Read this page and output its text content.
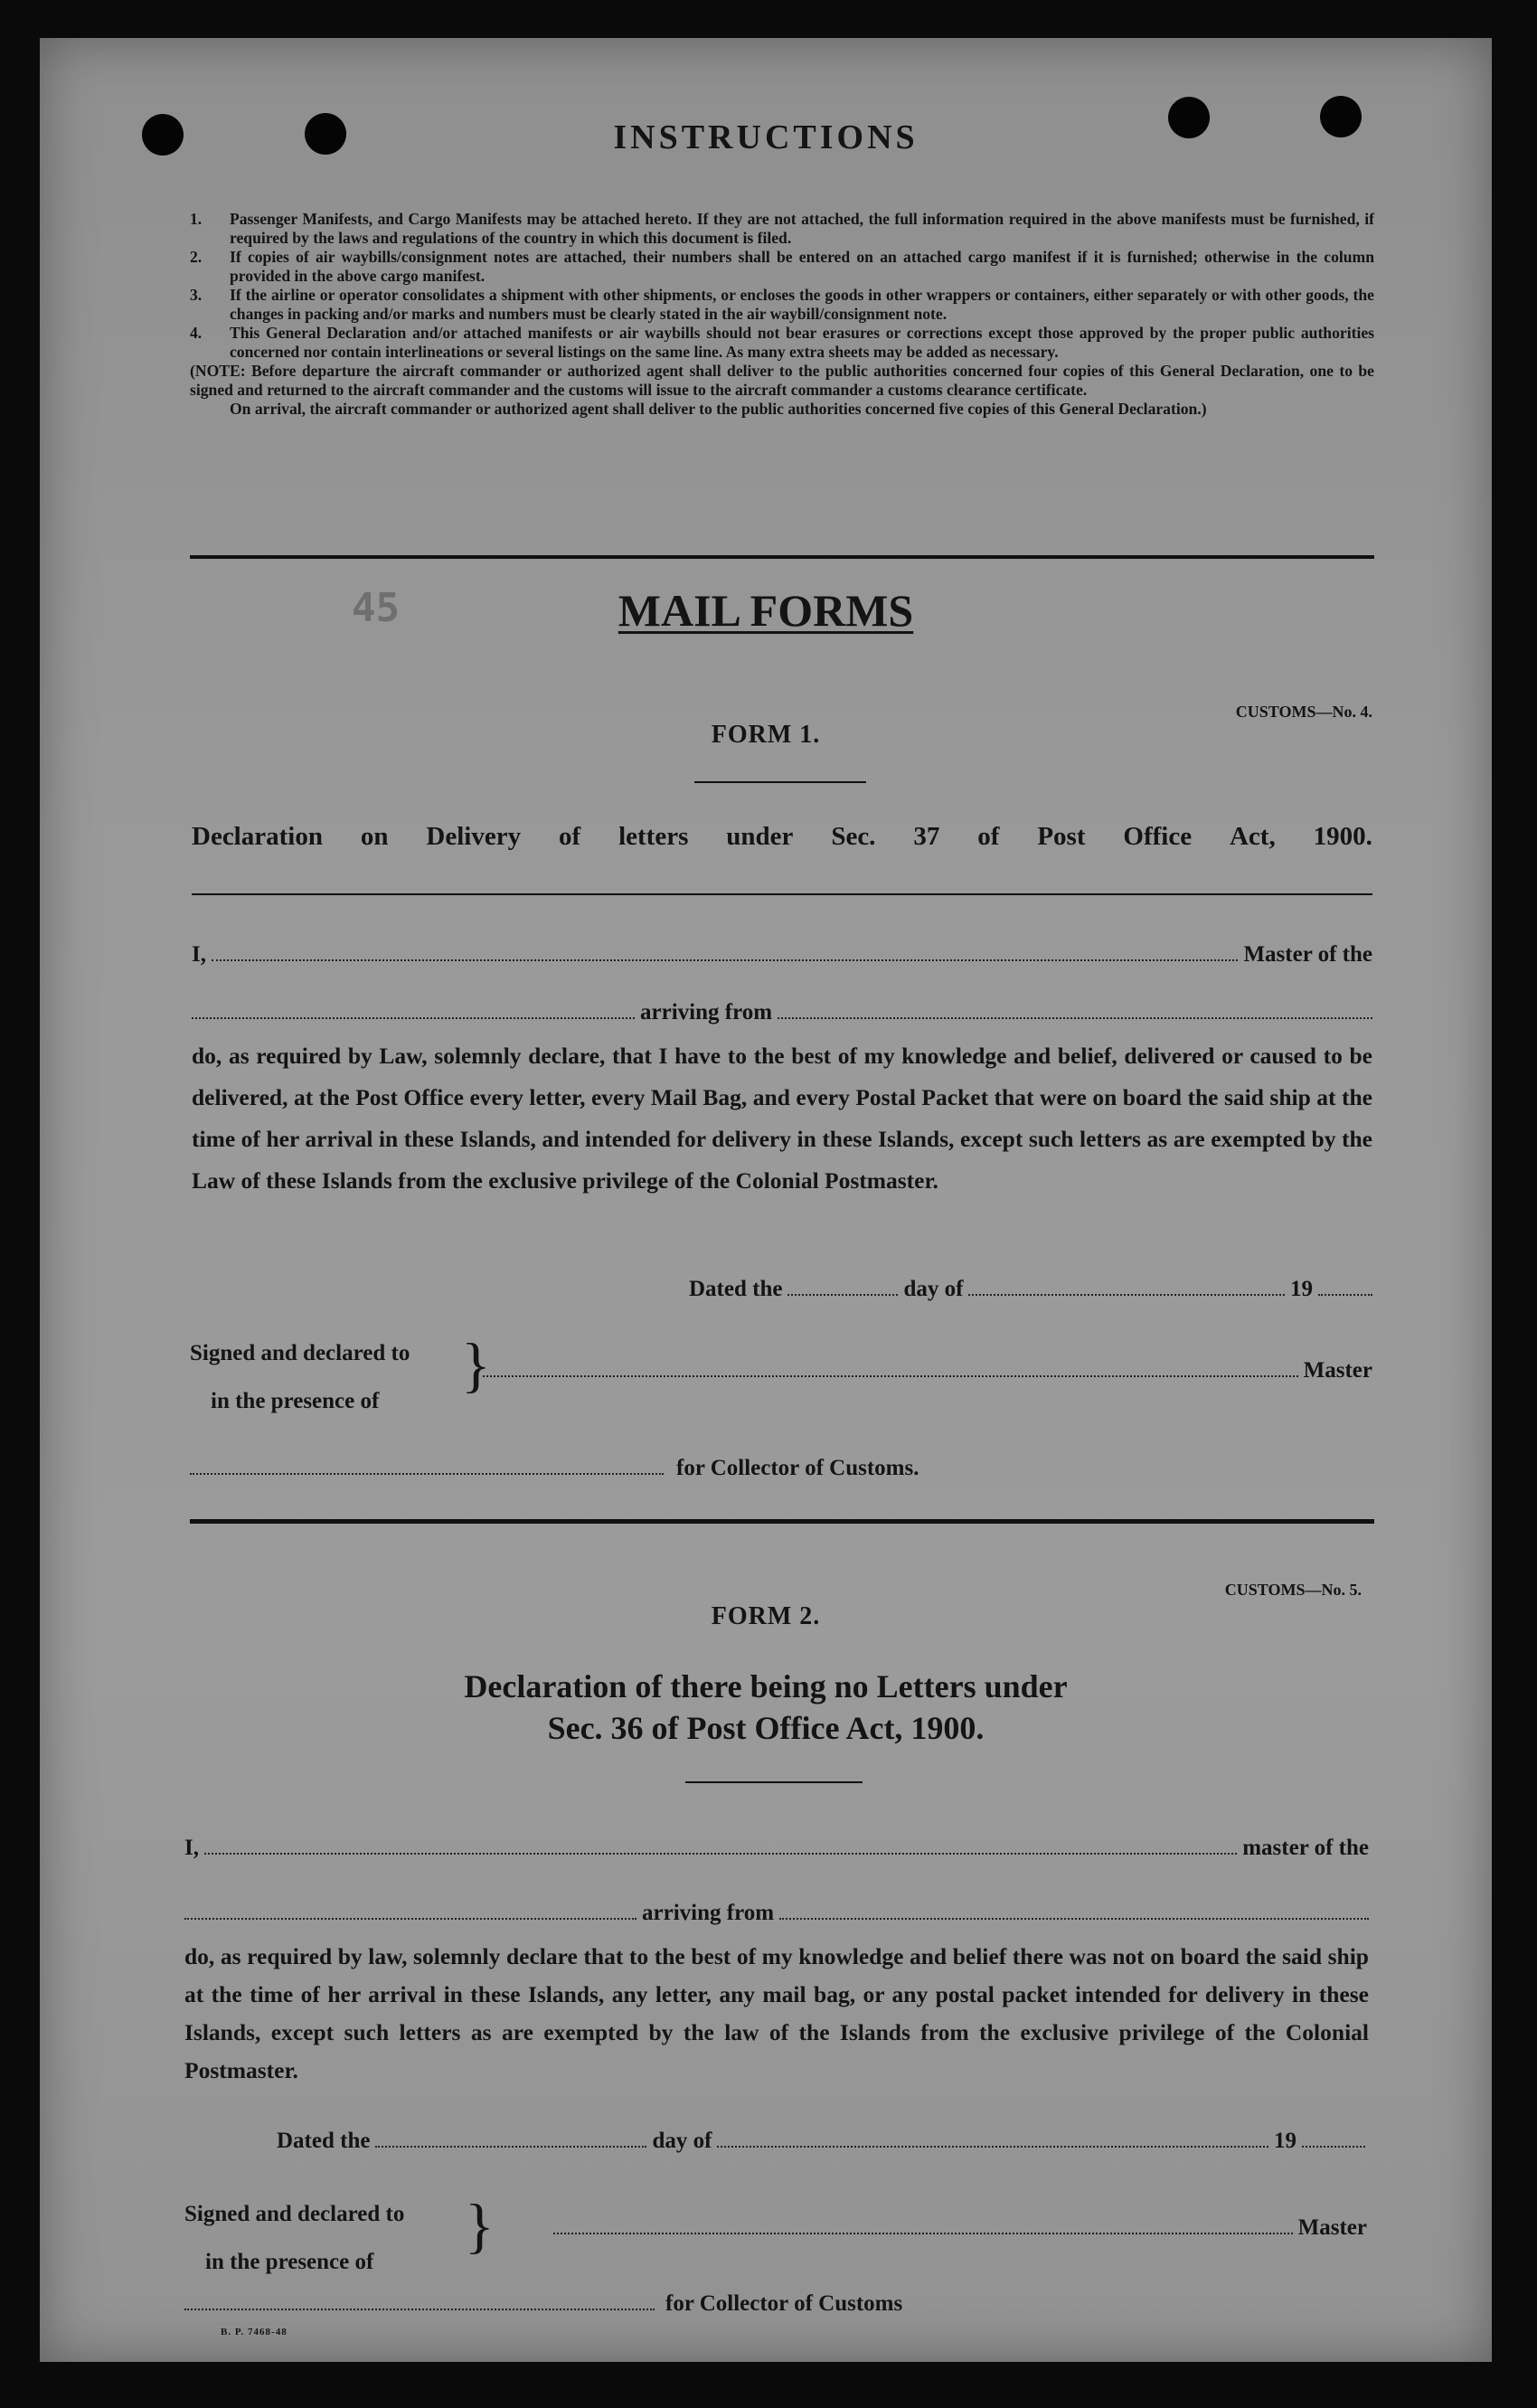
INSTRUCTIONS
1.	Passenger Manifests, and Cargo Manifests may be attached hereto. If they are not attached, the full information required in the above manifests must be furnished, if required by the laws and regulations of the country in which this document is filed.
2.	If copies of air waybills/consignment notes are attached, their numbers shall be entered on an attached cargo manifest if it is furnished; otherwise in the column provided in the above cargo manifest.
3.	If the airline or operator consolidates a shipment with other shipments, or encloses the goods in other wrappers or containers, either separately or with other goods, the changes in packing and/or marks and numbers must be clearly stated in the air waybill/consignment note.
4.	This General Declaration and/or attached manifests or air waybills should not bear erasures or corrections except those approved by the proper public authorities concerned nor contain interlineations or several listings on the same line. As many extra sheets may be added as necessary.
(NOTE: Before departure the aircraft commander or authorized agent shall deliver to the public authorities concerned four copies of this General Declaration, one to be signed and returned to the aircraft commander and the customs will issue to the aircraft commander a customs clearance certificate.
On arrival, the aircraft commander or authorized agent shall deliver to the public authorities concerned five copies of this General Declaration.)
45	MAIL FORMS
CUSTOMS—No. 4.
FORM 1.
Declaration on Delivery of letters under Sec. 37 of Post Office Act, 1900.
I,	Master of the
arriving from
do, as required by Law, solemnly declare, that I have to the best of my knowledge and belief, delivered or caused to be delivered, at the Post Office every letter, every Mail Bag, and every Postal Packet that were on board the said ship at the time of her arrival in these Islands, and intended for delivery in these Islands, except such letters as are exempted by the Law of these Islands from the exclusive privilege of the Colonial Postmaster.
Dated the	day of	19
Signed and declared to
in the presence of
}	Master
for Collector of Customs.
CUSTOMS—No. 5.
FORM 2.
Declaration of there being no Letters under
Sec. 36 of Post Office Act, 1900.
I,	master of the
arriving from
do, as required by law, solemnly declare that to the best of my knowledge and belief there was not on board the said ship at the time of her arrival in these Islands, any letter, any mail bag, or any postal packet intended for delivery in these Islands, except such letters as are exempted by the law of the Islands from the exclusive privilege of the Colonial Postmaster.
Dated the	day of	19
Signed and declared to
in the presence of
}	Master
for Collector of Customs
B. P. 7468-48
